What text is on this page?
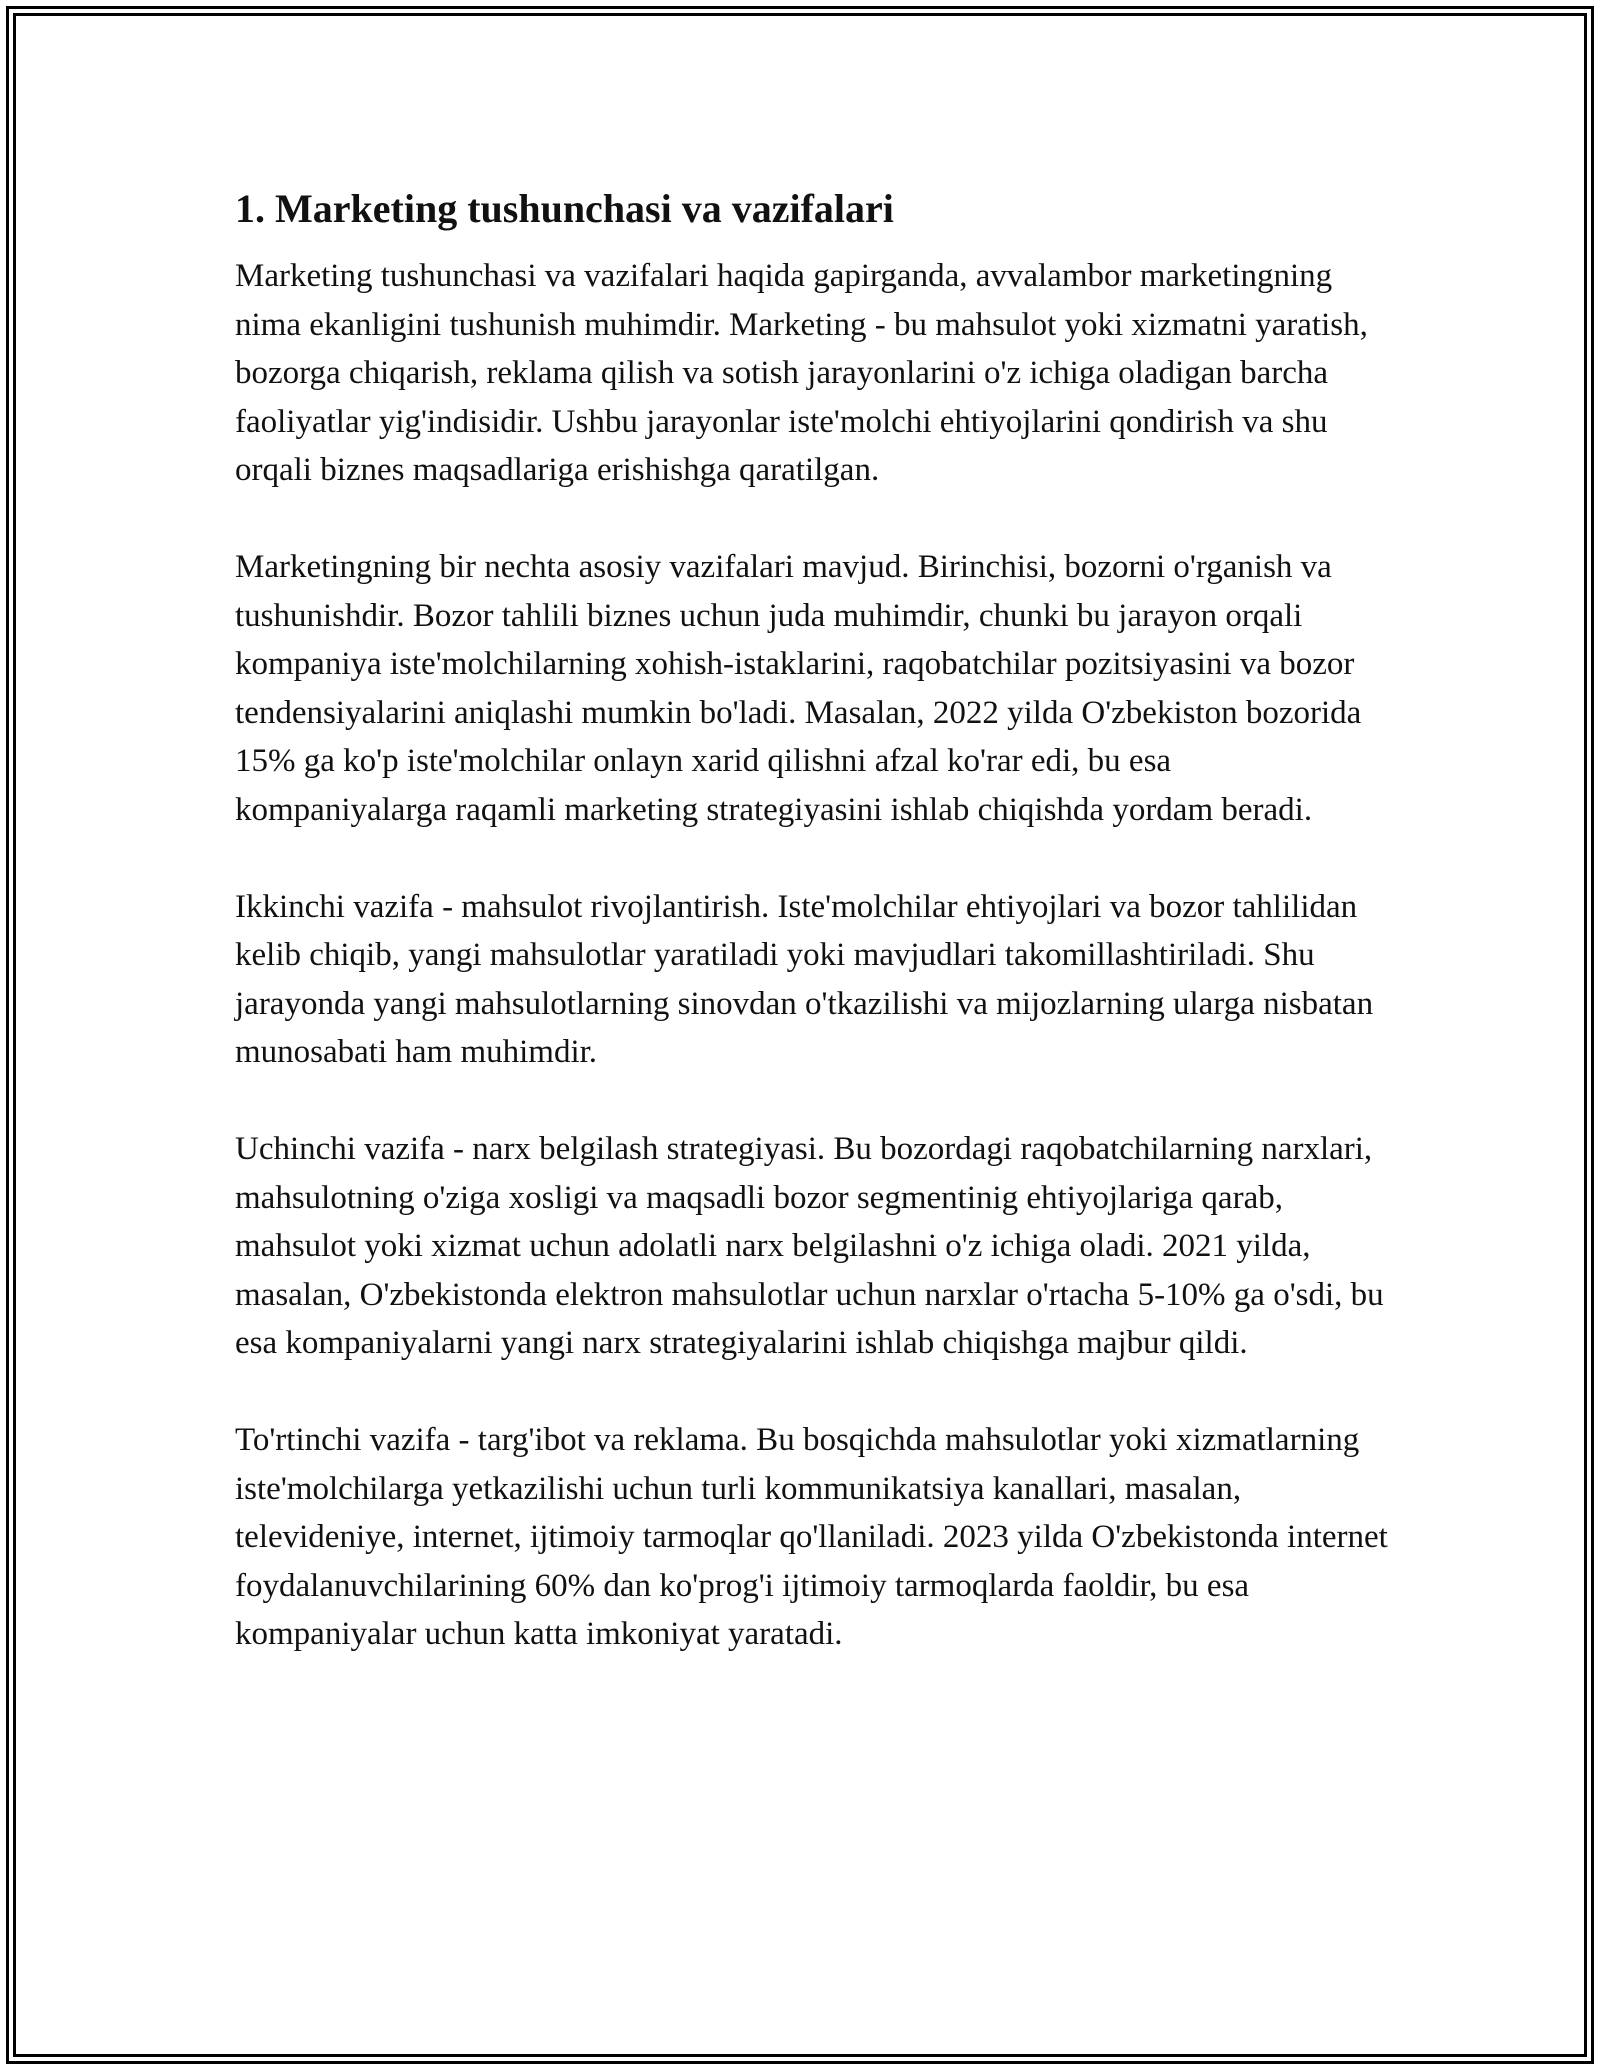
1. Marketing tushunchasi va vazifalari

Marketing tushunchasi va vazifalari haqida gapirganda, avvalambor marketingning nima ekanligini tushunish muhimdir. Marketing - bu mahsulot yoki xizmatni yaratish, bozorga chiqarish, reklama qilish va sotish jarayonlarini o'z ichiga oladigan barcha faoliyatlar yig'indisidir. Ushbu jarayonlar iste'molchi ehtiyojlarini qondirish va shu orqali biznes maqsadlariga erishishga qaratilgan.

Marketingning bir nechta asosiy vazifalari mavjud. Birinchisi, bozorni o'rganish va tushunishdir. Bozor tahlili biznes uchun juda muhimdir, chunki bu jarayon orqali kompaniya iste'molchilarning xohish-istaklarini, raqobatchilar pozitsiyasini va bozor tendensiyalarini aniqlashi mumkin bo'ladi. Masalan, 2022 yilda O'zbekiston bozorida 15% ga ko'p iste'molchilar onlayn xarid qilishni afzal ko'rar edi, bu esa kompaniyalarga raqamli marketing strategiyasini ishlab chiqishda yordam beradi.

Ikkinchi vazifa - mahsulot rivojlantirish. Iste'molchilar ehtiyojlari va bozor tahlilidan kelib chiqib, yangi mahsulotlar yaratiladi yoki mavjudlari takomillashtiriladi. Shu jarayonda yangi mahsulotlarning sinovdan o'tkazilishi va mijozlarning ularga nisbatan munosabati ham muhimdir.

Uchinchi vazifa - narx belgilash strategiyasi. Bu bozordagi raqobatchilarning narxlari, mahsulotning o'ziga xosligi va maqsadli bozor segmentinig ehtiyojlariga qarab, mahsulot yoki xizmat uchun adolatli narx belgilashni o'z ichiga oladi. 2021 yilda, masalan, O'zbekistonda elektron mahsulotlar uchun narxlar o'rtacha 5-10% ga o'sdi, bu esa kompaniyalarni yangi narx strategiyalarini ishlab chiqishga majbur qildi.

To'rtinchi vazifa - targ'ibot va reklama. Bu bosqichda mahsulotlar yoki xizmatlarning iste'molchilarga yetkazilishi uchun turli kommunikatsiya kanallari, masalan, televideniye, internet, ijtimoiy tarmoqlar qo'llaniladi. 2023 yilda O'zbekistonda internet foydalanuvchilarining 60% dan ko'prog'i ijtimoiy tarmoqlarda faoldir, bu esa kompaniyalar uchun katta imkoniyat yaratadi.
